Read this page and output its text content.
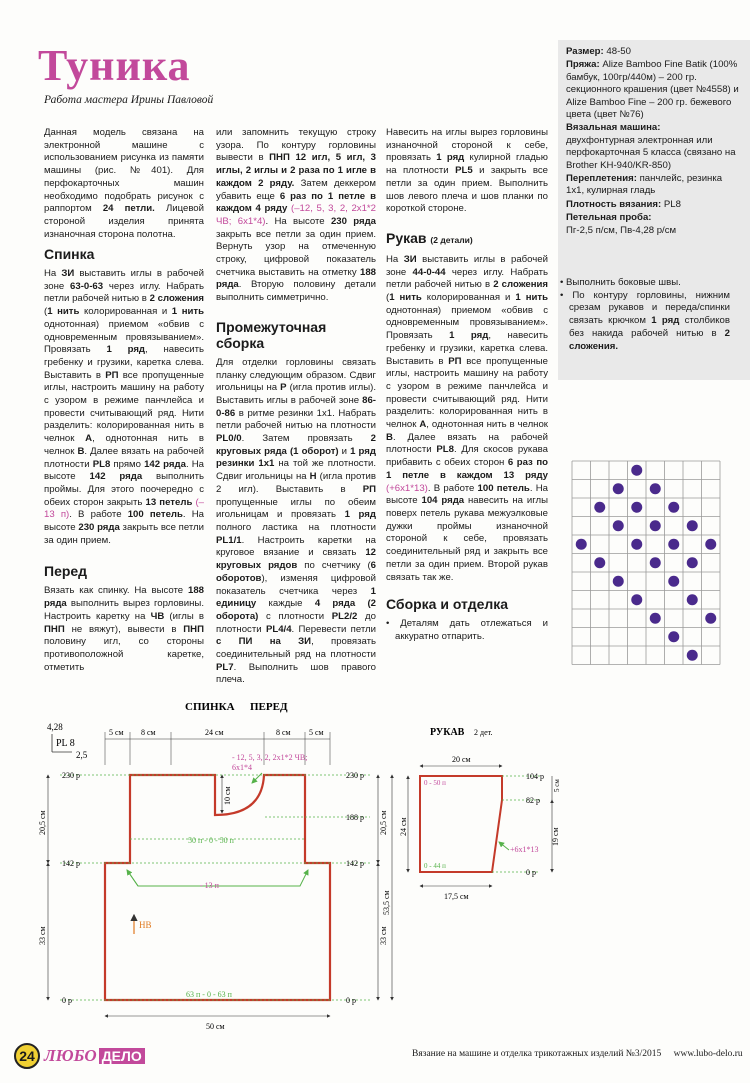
Туника
Работа мастера Ирины Павловой

Данная модель связана на электронной машине с использованием рисунка из памяти машины (рис. №401). Для перфокарточных машин необходимо подобрать рисунок с раппортом 24 петли. Лицевой стороной изделия принята изнаночная сторона полотна.

Спинка

На ЗИ выставить иглы в рабочей зоне 63-0-63 через иглу. Набрать петли рабочей нитью в 2 сложения (1 нить колорированная и 1 нить однотонная) приемом «обвив с одновременным провязыванием». Провязать 1 ряд, навесить гребенку и грузики, каретка слева. Выставить в РП все пропущенные иглы, настроить машину на работу с узором в режиме панчлейса и провести считывающий ряд. Нити разделить: колорированная нить в челнок А, однотонная нить в челнок В. Далее вязать на рабочей плотности PL8 прямо 142 ряда. На высоте 142 ряда выполнить проймы. Для этого поочередно с обеих сторон закрыть 13 петель (–13 п). В работе 100 петель. На высоте 230 ряда закрыть все петли за один прием.

Перед

Вязать как спинку. На высоте 188 ряда выполнить вырез горловины. Настроить каретку на ЧВ (иглы в ПНП не вяжут), вывести в ПНП половину игл, со стороны противоположной каретке, отметить

или запомнить текущую строку узора. По контуру горловины вывести в ПНП 12 игл, 5 игл, 3 иглы, 2 иглы и 2 раза по 1 игле в каждом 2 ряду. Затем деккером убавить еще 6 раз по 1 петле в каждом 4 ряду (–12, 5, 3, 2, 2х1*2 ЧВ; 6х1*4). На высоте 230 ряда закрыть все петли за один прием. Вернуть узор на отмеченную строку, цифровой показатель счетчика выставить на отметку 188 ряда. Вторую половину детали выполнить симметрично.

Промежуточная
сборка

Для отделки горловины связать планку следующим образом. Сдвиг игольницы на Р (игла против иглы). Выставить иглы в рабочей зоне 86-0-86 в ритме резинки 1х1. Набрать петли рабочей нитью на плотности PL0/0. Затем провязать 2 круговых ряда (1 оборот) и 1 ряд резинки 1х1 на той же плотности. Сдвиг игольницы на Н (игла против 2 игл). Выставить в РП пропущенные иглы по обеим игольницам и провязать 1 ряд полного ластика на плотности PL1/1. Настроить каретки на круговое вязание и связать 12 круговых рядов по счетчику (6 оборотов), изменяя цифровой показатель счетчика через 1 единицу каждые 4 ряда (2 оборота) с плотности PL2/2 до плотности PL4/4. Перевести петли с ПИ на ЗИ, провязать соединительный ряд на плотности PL7. Выполнить шов правого плеча.

Навесить на иглы вырез горловины изнаночной стороной к себе, провязать 1 ряд кулирной гладью на плотности PL5 и закрыть все петли за один прием. Выполнить шов левого плеча и шов планки по короткой стороне.

Рукав (2 детали)

На ЗИ выставить иглы в рабочей зоне 44-0-44 через иглу. Набрать петли рабочей нитью в 2 сложения (1 нить колорированная и 1 нить однотонная) приемом «обвив с одновременным провязыванием». Провязать 1 ряд, навесить гребенку и грузики, каретка слева. Выставить в РП все пропущенные иглы, настроить машину на работу с узором в режиме панчлейса и провести считывающий ряд. Нити разделить: колорированная нить в челнок А, однотонная нить в челнок В. Далее вязать на рабочей плотности PL8. Для скосов рукава прибавить с обеих сторон 6 раз по 1 петле в каждом 13 ряду (+6х1*13). В работе 100 петель. На высоте 104 ряда навесить на иглы поверх петель рукава межуэлковые дужки проймы изнаночной стороной к себе, провязать соединительный ряд и закрыть все петли за один прием. Второй рукав связать так же.

Сборка и отделка

• Деталям дать отлежаться и аккуратно отпарить.

Размер: 48-50
Пряжа: Alize Bamboo Fine Batik (100% бамбук, 100гр/440м) – 200 гр. секционного крашения (цвет №4558) и Alize Bamboo Fine – 200 гр. бежевого цвета (цвет №76)
Вязальная машина:
двухфонтурная электронная или перфокарточная 5 класса (связано на Brother KH-940/KR-850)
Переплетения: панчлейс, резинка 1х1, кулирная гладь
Плотность вязания: PL8
Петельная проба:
Пг-2,5 п/см, Пв-4,28 р/см

• Выполнить боковые швы.

• По контуру горловины, нижним срезам рукавов и переда/спинки связать крючком 1 ряд столбиков без накида рабочей нитью в 2 сложения.

СПИНКА ПЕРЕД
4,28
PL 8
2,5
5 см 8 см	24 см	8 см 5 см
- 12, 5, 3, 2, 2х1*2 ЧВ;
6х1*4
10 см
230 р
142 р
0 р
230 р
188 р
142 р
0 р
50 п - 0 - 50 п
- 13 п
63 п - 0 - 63 п
НВ
20,5 см
33 см
20,5 см
33 см
53,5 см
50 см
РУКАВ 2 дет.
20 см
24 см
104 р
82 р
0 р
5 см
19 см
0 - 50 п
0 - 44 п
+6х1*13
17,5 см
24 ЛЮБО ДЕЛО	Вязание на машине и отделка трикотажных изделий №3/2015 www.lubo-delo.ru
